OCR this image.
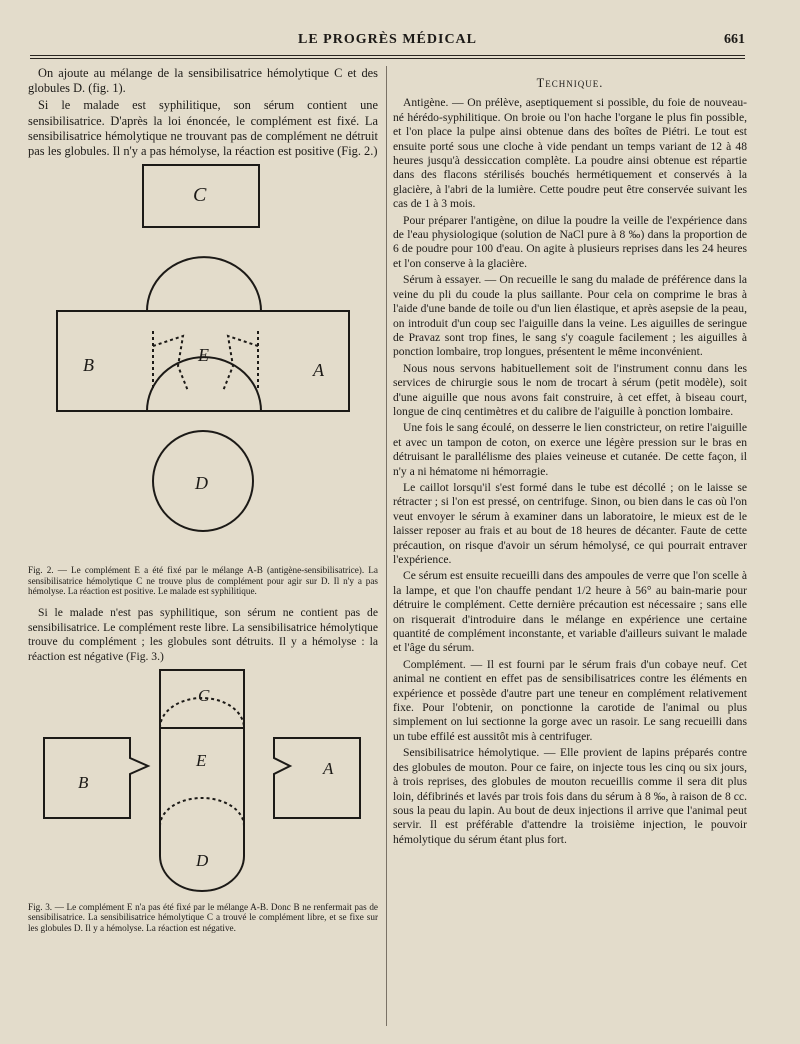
LE PROGRÈS MÉDICAL	661

On ajoute au mélange de la sensibilisatrice hémolytique C et des globules D. (fig. 1).

Si le malade est syphilitique, son sérum contient une sensibilisatrice. D'après la loi énoncée, le complément est fixé. La sensibilisatrice hémolytique ne trouvant pas de complément ne détruit pas les globules. Il n'y a pas hémolyse, la réaction est positive (Fig. 2.)

C
E
B	A
D
Fig. 2. — Le complément E a été fixé par le mélange A-B (antigène-sensibilisatrice). La sensibilisatrice hémolytique C ne trouve plus de complément pour agir sur D. Il n'y a pas hémolyse. La réaction est positive. Le malade est syphilitique.

Si le malade n'est pas syphilitique, son sérum ne contient pas de sensibilisatrice. Le complément reste libre. La sensibilisatrice hémolytique trouve du complément ; les globules sont détruits. Il y a hémolyse : la réaction est négative (Fig. 3.)

C
E
B
A
D
Fig. 3. — Le complément E n'a pas été fixé par le mélange A-B. Donc B ne renfermait pas de sensibilisatrice. La sensibilisatrice hémolytique C a trouvé le complément libre, et se fixe sur les globules D. Il y a hémolyse. La réaction est négative.
Technique.

Antigène. — On prélève, aseptiquement si possible, du foie de nouveau-né hérédo-syphilitique. On broie ou l'on hache l'organe le plus fin possible, et l'on place la pulpe ainsi obtenue dans des boîtes de Piétri. Le tout est ensuite porté sous une cloche à vide pendant un temps variant de 12 à 48 heures jusqu'à dessiccation complète. La poudre ainsi obtenue est répartie dans des flacons stérilisés bouchés hermétiquement et conservés à la glacière, à l'abri de la lumière. Cette poudre peut être conservée suivant les cas de 1 à 3 mois.

Pour préparer l'antigène, on dilue la poudre la veille de l'expérience dans de l'eau physiologique (solution de NaCl pure à 8 ‰) dans la proportion de 6 de poudre pour 100 d'eau. On agite à plusieurs reprises dans les 24 heures et l'on conserve à la glacière.

Sérum à essayer. — On recueille le sang du malade de préférence dans la veine du pli du coude la plus saillante. Pour cela on comprime le bras à l'aide d'une bande de toile ou d'un lien élastique, et après asepsie de la peau, on introduit d'un coup sec l'aiguille dans la veine. Les aiguilles de seringue de Pravaz sont trop fines, le sang s'y coagule facilement ; les aiguilles à ponction lombaire, trop longues, présentent le même inconvénient.

Nous nous servons habituellement soit de l'instrument connu dans les services de chirurgie sous le nom de trocart à sérum (petit modèle), soit d'une aiguille que nous avons fait construire, à cet effet, à biseau court, longue de cinq centimètres et du calibre de l'aiguille à ponction lombaire.

Une fois le sang écoulé, on desserre le lien constricteur, on retire l'aiguille et avec un tampon de coton, on exerce une légère pression sur le bras en détruisant le parallélisme des plaies veineuse et cutanée. De cette façon, il n'y a ni hématome ni hémorragie.

Le caillot lorsqu'il s'est formé dans le tube est décollé ; on le laisse se rétracter ; si l'on est pressé, on centrifuge. Sinon, ou bien dans le cas où l'on veut envoyer le sérum à examiner dans un laboratoire, le mieux est de le laisser reposer au frais et au bout de 18 heures de décanter. Faute de cette précaution, on risque d'avoir un sérum hémolysé, ce qui pourrait entraver l'expérience.

Ce sérum est ensuite recueilli dans des ampoules de verre que l'on scelle à la lampe, et que l'on chauffe pendant 1/2 heure à 56° au bain-marie pour détruire le complément. Cette dernière précaution est nécessaire ; sans elle on risquerait d'introduire dans le mélange en expérience une certaine quantité de complément inconstante, et variable d'ailleurs suivant le malade et l'âge du sérum.

Complément. — Il est fourni par le sérum frais d'un cobaye neuf. Cet animal ne contient en effet pas de sensibilisatrices contre les éléments en expérience et possède d'autre part une teneur en complément relativement fixe. Pour l'obtenir, on ponctionne la carotide de l'animal ou plus simplement on lui sectionne la gorge avec un rasoir. Le sang recueilli dans un tube effilé est aussitôt mis à centrifuger.

Sensibilisatrice hémolytique. — Elle provient de lapins préparés contre des globules de mouton. Pour ce faire, on injecte tous les cinq ou six jours, à trois reprises, des globules de mouton recueillis comme il sera dit plus loin, défibrinés et lavés par trois fois dans du sérum à 8 ‰, à raison de 8 cc. sous la peau du lapin. Au bout de deux injections il arrive que l'animal peut servir. Il est préférable d'attendre la troisième injection, le pouvoir hémolytique du sérum étant plus fort.
